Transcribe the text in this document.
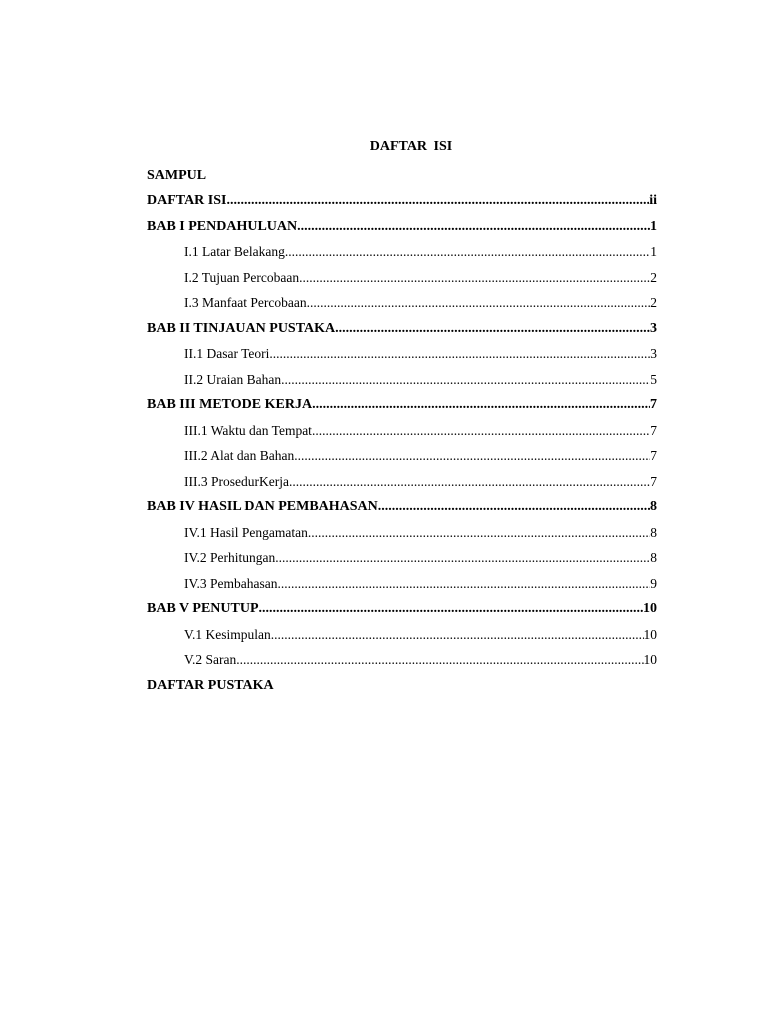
DAFTAR ISI
SAMPUL
DAFTAR ISI .....	ii
BAB I PENDAHULUAN .....	1
I.1 Latar Belakang .....	1
I.2 Tujuan Percobaan .....	2
I.3 Manfaat Percobaan .....	2
BAB II TINJAUAN PUSTAKA .....	3
II.1 Dasar Teori .....	3
II.2 Uraian Bahan .....	5
BAB III METODE KERJA .....	7
III.1 Waktu dan Tempat .....	7
III.2 Alat dan Bahan .....	7
III.3 ProsedurKerja .....	7
BAB IV HASIL DAN PEMBAHASAN .....	8
IV.1 Hasil Pengamatan .....	8
IV.2 Perhitungan .....	8
IV.3 Pembahasan .....	9
BAB V PENUTUP .....	10
V.1 Kesimpulan .....	10
V.2 Saran .....	10
DAFTAR PUSTAKA
